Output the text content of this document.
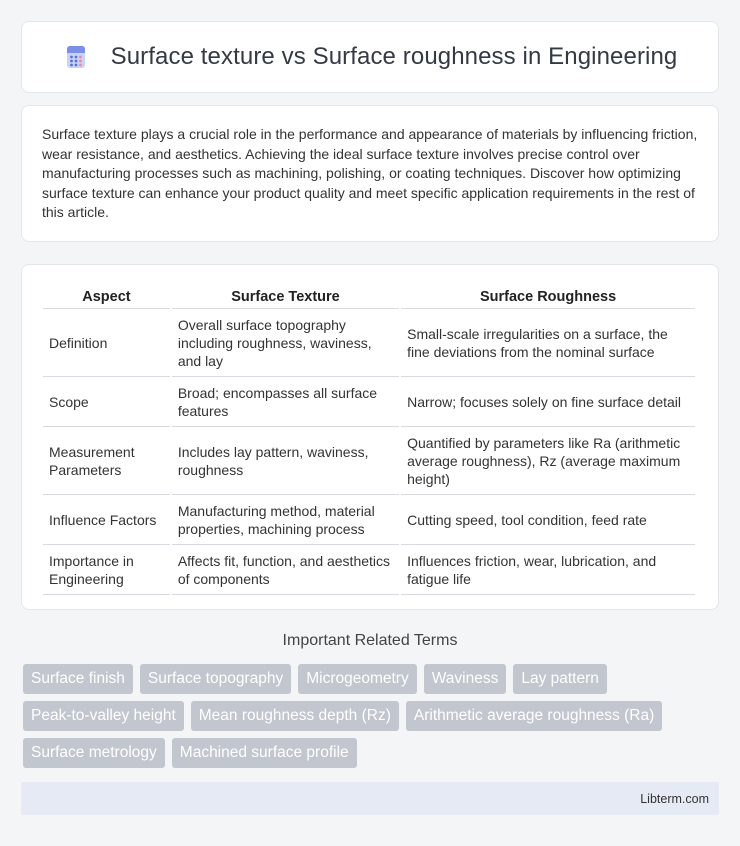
Surface texture vs Surface roughness in Engineering

Surface texture plays a crucial role in the performance and appearance of materials by influencing friction, wear resistance, and aesthetics. Achieving the ideal surface texture involves precise control over manufacturing processes such as machining, polishing, or coating techniques. Discover how optimizing surface texture can enhance your product quality and meet specific application requirements in the rest of this article.

Aspect	Surface Texture	Surface Roughness
Definition	Overall surface topography including roughness, waviness, and lay	Small-scale irregularities on a surface, the fine deviations from the nominal surface
Scope	Broad; encompasses all surface features	Narrow; focuses solely on fine surface detail
Measurement Parameters	Includes lay pattern, waviness, roughness	Quantified by parameters like Ra (arithmetic average roughness), Rz (average maximum height)
Influence Factors	Manufacturing method, material properties, machining process	Cutting speed, tool condition, feed rate
Importance in Engineering	Affects fit, function, and aesthetics of components	Influences friction, wear, lubrication, and fatigue life
Important Related Terms
Surface finish	Surface topography	Microgeometry	Waviness	Lay pattern
Peak-to-valley height	Mean roughness depth (Rz)	Arithmetic average roughness (Ra)
Surface metrology	Machined surface profile
Libterm.com
